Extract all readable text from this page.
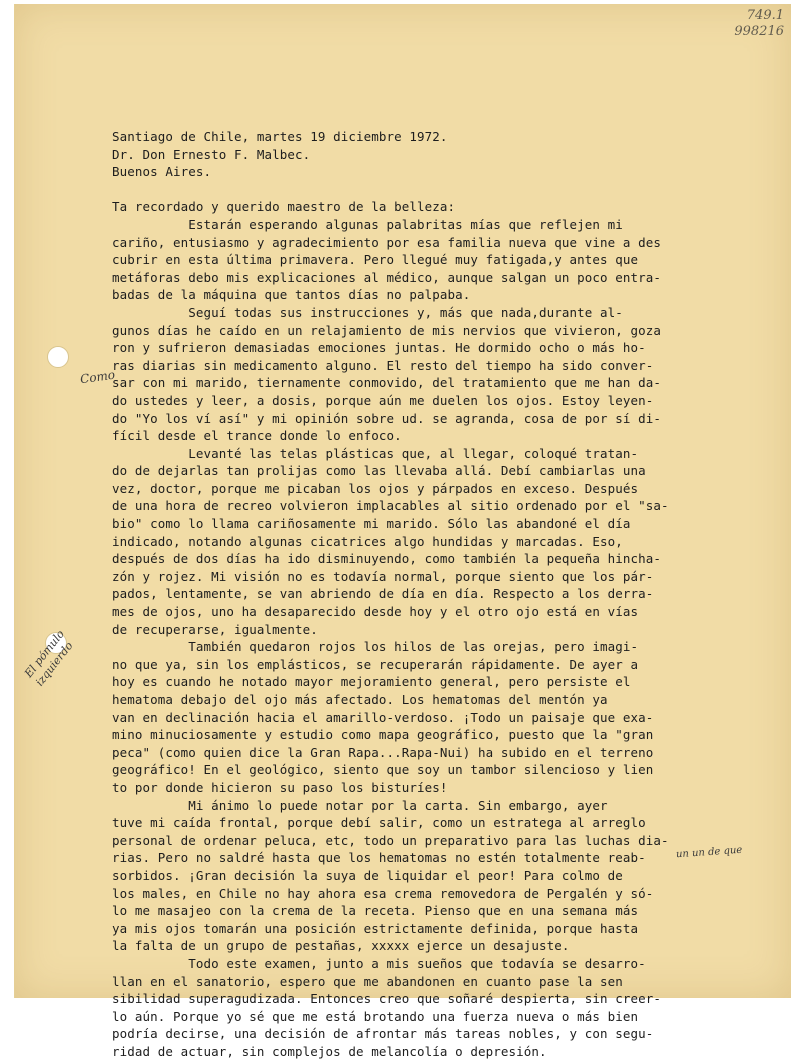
749.1
998216
Santiago de Chile, martes 19 diciembre 1972.
Dr. Don Ernesto F. Malbec.
Buenos Aires.
Ta recordado y querido maestro de la belleza:
Estarán esperando algunas palabritas mías que reflejen mi
cariño, entusiasmo y agradecimiento por esa familia nueva que vine a des
cubrir en esta última primavera. Pero llegué muy fatigada,y antes que
metáforas debo mis explicaciones al médico, aunque salgan un poco entra-
badas de la máquina que tantos días no palpaba.
Seguí todas sus instrucciones y, más que nada,durante al-
gunos días he caído en un relajamiento de mis nervios que vivieron, goza
ron y sufrieron demasiadas emociones juntas. He dormido ocho o más ho-
ras diarias sin medicamento alguno. El resto del tiempo ha sido conver-
sar con mi marido, tiernamente conmovido, del tratamiento que me han da-
do ustedes y leer, a dosis, porque aún me duelen los ojos. Estoy leyen-
do "Yo los ví así" y mi opinión sobre ud. se agranda, cosa de por sí di-
fícil desde el trance donde lo enfoco.
Levanté las telas plásticas que, al llegar, coloqué tratan-
do de dejarlas tan prolijas como las llevaba allá. Debí cambiarlas una
vez, doctor, porque me picaban los ojos y párpados en exceso. Después
de una hora de recreo volvieron implacables al sitio ordenado por el "sa-
bio" como lo llama cariñosamente mi marido. Sólo las abandoné el día
indicado, notando algunas cicatrices algo hundidas y marcadas. Eso,
después de dos días ha ido disminuyendo, como también la pequeña hincha-
zón y rojez. Mi visión no es todavía normal, porque siento que los pár-
pados, lentamente, se van abriendo de día en día. Respecto a los derra-
mes de ojos, uno ha desaparecido desde hoy y el otro ojo está en vías
de recuperarse, igualmente.
También quedaron rojos los hilos de las orejas, pero imagi-
no que ya, sin los emplásticos, se recuperarán rápidamente. De ayer a
hoy es cuando he notado mayor mejoramiento general, pero persiste el
hematoma debajo del ojo más afectado. Los hematomas del mentón ya
van en declinación hacia el amarillo-verdoso. ¡Todo un paisaje que exa-
mino minuciosamente y estudio como mapa geográfico, puesto que la "gran
peca" (como quien dice la Gran Rapa...Rapa-Nui) ha subido en el terreno
geográfico! En el geológico, siento que soy un tambor silencioso y lien
to por donde hicieron su paso los bisturíes!
Mi ánimo lo puede notar por la carta. Sin embargo, ayer
tuve mi caída frontal, porque debí salir, como un estratega al arreglo
personal de ordenar peluca, etc, todo un preparativo para las luchas dia-
rias. Pero no saldré hasta que los hematomas no estén totalmente reab-
sorbidos. ¡Gran decisión la suya de liquidar el peor! Para colmo de
los males, en Chile no hay ahora esa crema removedora de Pergalén y só-
lo me masajeo con la crema de la receta. Pienso que en una semana más
ya mis ojos tomarán una posición estrictamente definida, porque hasta
la falta de un grupo de pestañas, xxxxx ejerce un desajuste.
Todo este examen, junto a mis sueños que todavía se desarro-
llan en el sanatorio, espero que me abandonen en cuanto pase la sen
sibilidad superagudizada. Entonces creo que soñaré despierta, sin creer-
lo aún. Porque yo sé que me está brotando una fuerza nueva o más bien
podría decirse, una decisión de afrontar más tareas nobles, y con segu-
ridad de actuar, sin complejos de melancolía o depresión.
Como
El pómulo izquierdo
un un de que
